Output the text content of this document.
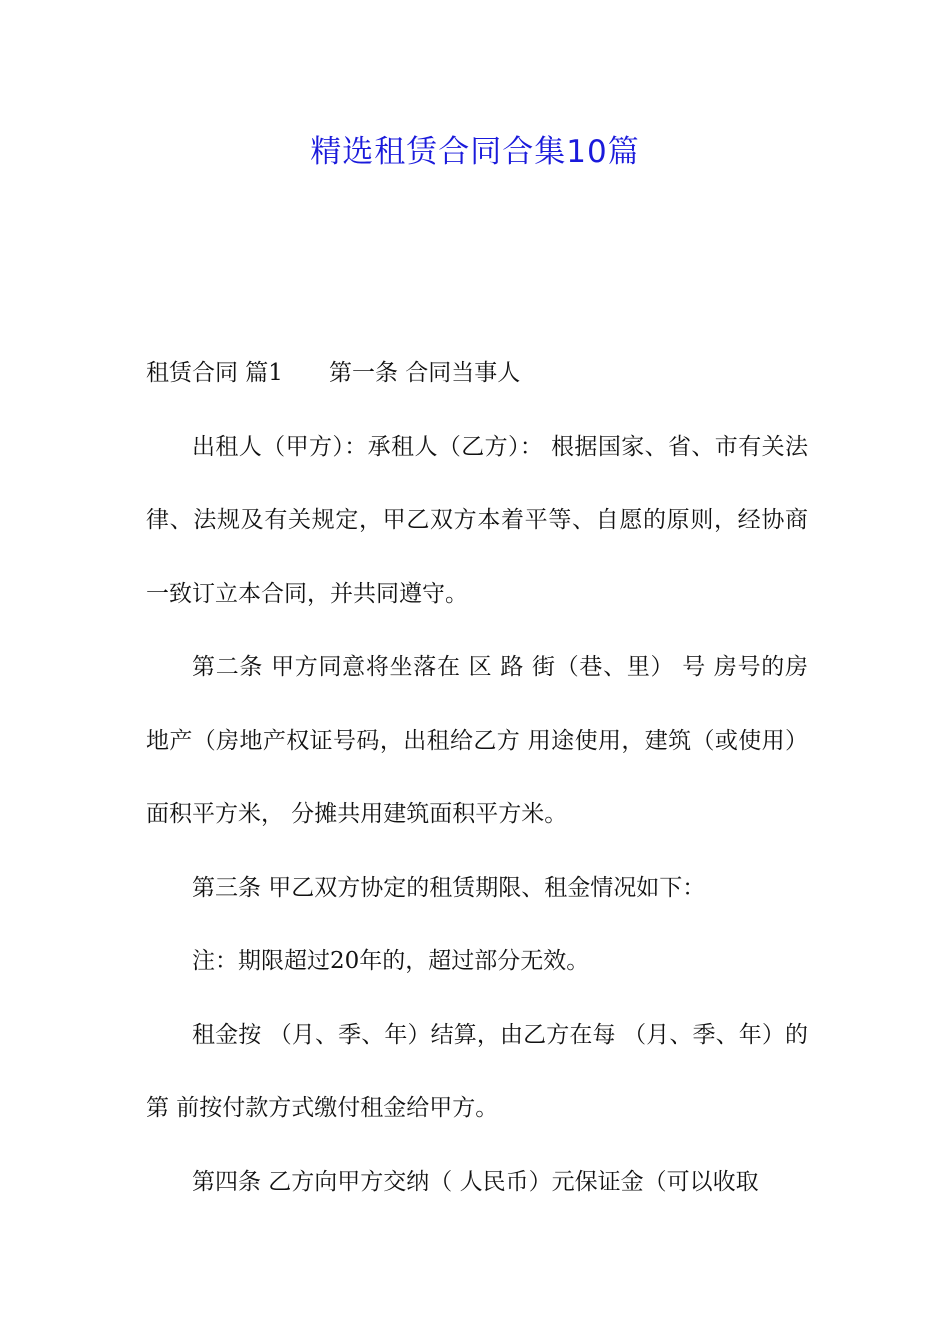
精选租赁合同合集10篇

租赁合同 篇1 第一条 合同当事人

出租人（甲方）：承租人（乙方）： 根据国家、省、市有关法律、法规及有关规定，甲乙双方本着平等、自愿的原则，经协商一致订立本合同，并共同遵守。

第二条 甲方同意将坐落在 区 路 街（巷、里） 号 房号的房地产（房地产权证号码，出租给乙方 用途使用，建筑（或使用）面积平方米， 分摊共用建筑面积平方米。

第三条 甲乙双方协定的租赁期限、租金情况如下：

注：期限超过20年的，超过部分无效。

租金按 （月、季、年）结算，由乙方在每 （月、季、年）的第 前按付款方式缴付租金给甲方。

第四条 乙方向甲方交纳（ 人民币）元保证金（可以收取
